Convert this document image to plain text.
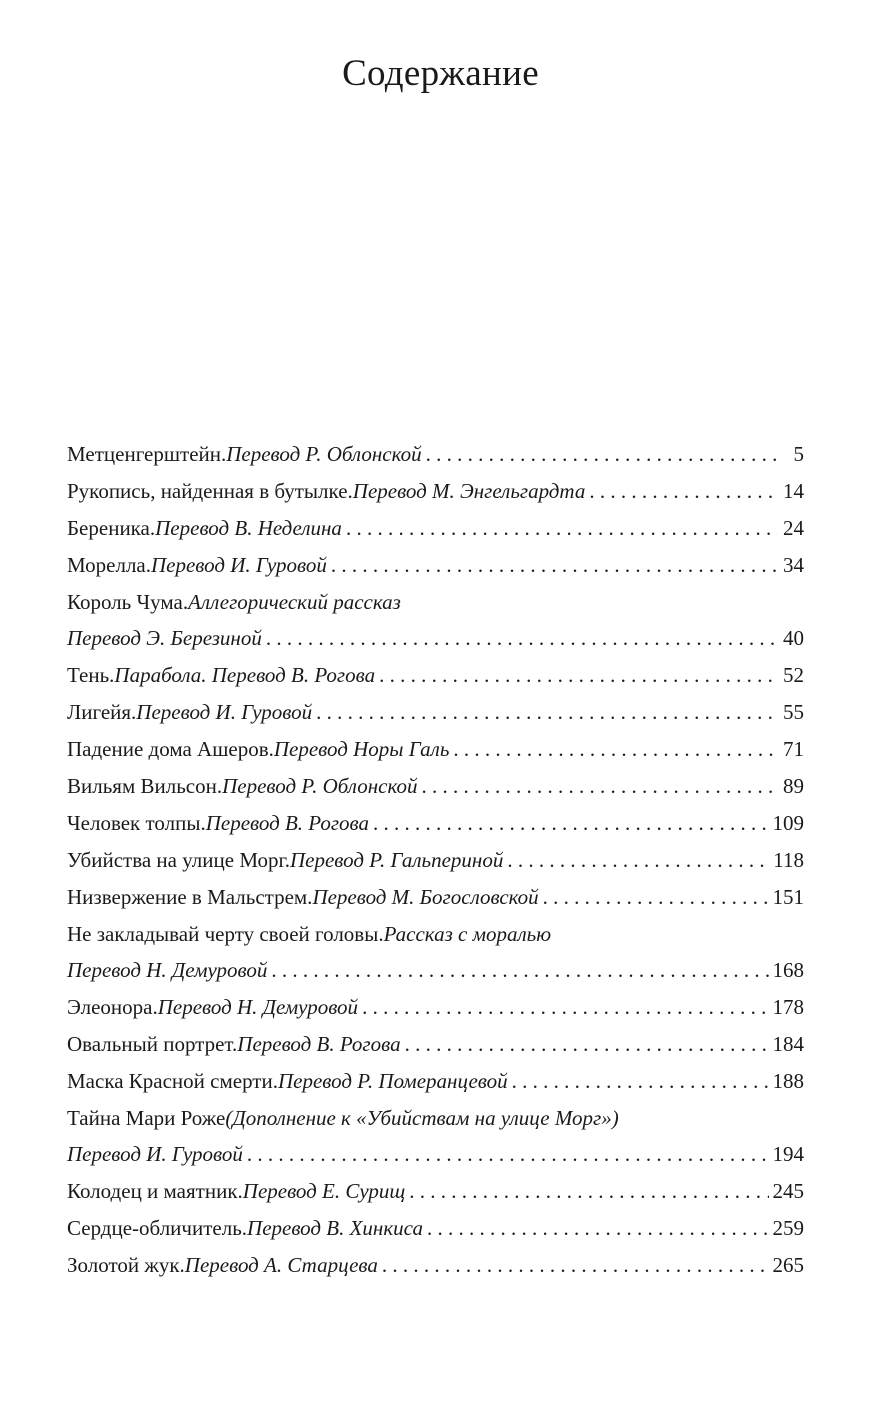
Содержание
Метценгерштейн. Перевод Р. Облонской . . .	5
Рукопись, найденная в бутылке. Перевод М. Энгельгардта . . .	14
Береника. Перевод В. Неделина . . .	24
Морелла. Перевод И. Гуровой . . .	34
Король Чума. Аллегорический рассказ
Перевод Э. Березиной . . .	40
Тень. Парабола. Перевод В. Рогова . . .	52
Лигейя. Перевод И. Гуровой . . .	55
Падение дома Ашеров. Перевод Норы Галь . . .	71
Вильям Вильсон. Перевод Р. Облонской . . .	89
Человек толпы. Перевод В. Рогова . . .	109
Убийства на улице Морг. Перевод Р. Гальпериной . . .	118
Низвержение в Мальстрем. Перевод М. Богословской . . .	151
Не закладывай черту своей головы. Рассказ с моралью
Перевод Н. Демуровой . . .	168
Элеонора. Перевод Н. Демуровой . . .	178
Овальный портрет. Перевод В. Рогова . . .	184
Маска Красной смерти. Перевод Р. Померанцевой . . .	188
Тайна Мари Роже (Дополнение к «Убийствам на улице Морг»)
Перевод И. Гуровой . . .	194
Колодец и маятник. Перевод Е. Сурищ . . .	245
Сердце-обличитель. Перевод В. Хинкиса . . .	259
Золотой жук. Перевод А. Старцева . . .	265
